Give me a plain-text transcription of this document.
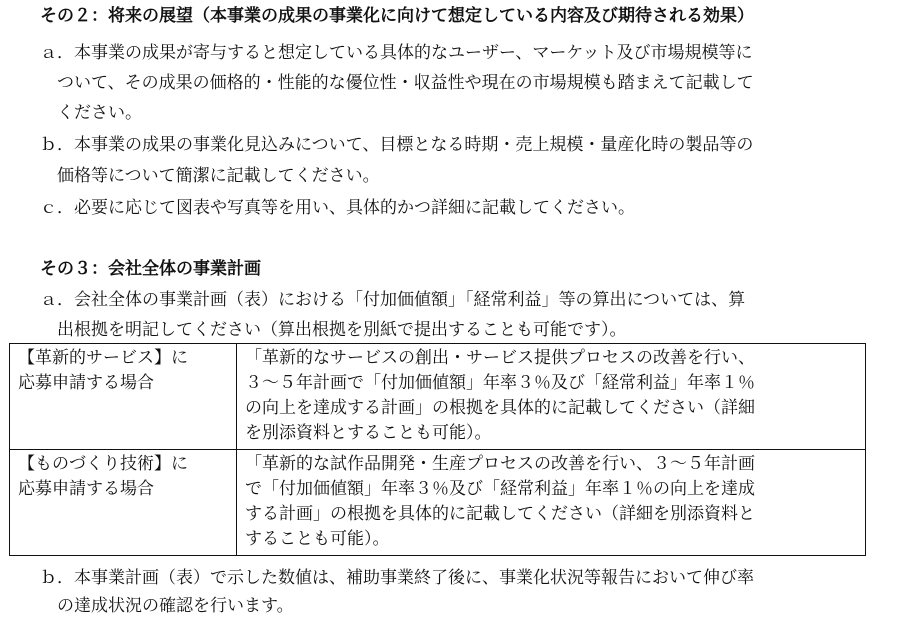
その２：将来の展望（本事業の成果の事業化に向けて想定している内容及び期待される効果）
ａ．本事業の成果が寄与すると想定している具体的なユーザー、マーケット及び市場規模等に
ついて、その成果の価格的・性能的な優位性・収益性や現在の市場規模も踏まえて記載して
ください。
ｂ．本事業の成果の事業化見込みについて、目標となる時期・売上規模・量産化時の製品等の
価格等について簡潔に記載してください。
ｃ．必要に応じて図表や写真等を用い、具体的かつ詳細に記載してください。
その３：会社全体の事業計画
ａ．会社全体の事業計画（表）における「付加価値額」「経常利益」等の算出については、算
出根拠を明記してください（算出根拠を別紙で提出することも可能です）。
【革新的サービス】に
応募申請する場合	「革新的なサービスの創出・サービス提供プロセスの改善を行い、
３～５年計画で「付加価値額」年率３％及び「経常利益」年率１％
の向上を達成する計画」の根拠を具体的に記載してください（詳細
を別添資料とすることも可能）。

【ものづくり技術】に
応募申請する場合	「革新的な試作品開発・生産プロセスの改善を行い、３～５年計画
で「付加価値額」年率３％及び「経常利益」年率１％の向上を達成
する計画」の根拠を具体的に記載してください（詳細を別添資料と
することも可能）。
ｂ．本事業計画（表）で示した数値は、補助事業終了後に、事業化状況等報告において伸び率
の達成状況の確認を行います。
